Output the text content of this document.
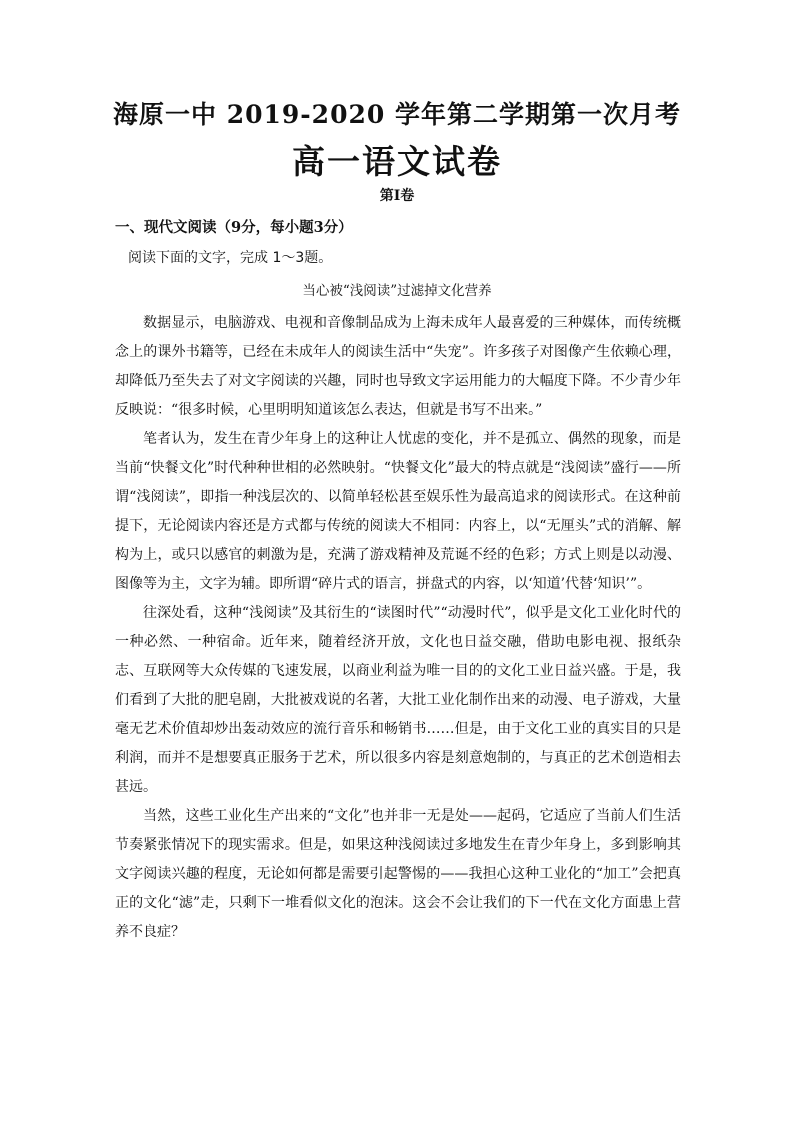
海原一中 2019-2020 学年第二学期第一次月考
高一语文试卷
第Ⅰ卷
一、现代文阅读（9分，每小题3分）
阅读下面的文字，完成 1～3题。
当心被“浅阅读”过滤掉文化营养

数据显示，电脑游戏、电视和音像制品成为上海未成年人最喜爱的三种媒体，而传统概念上的课外书籍等，已经在未成年人的阅读生活中“失宠”。许多孩子对图像产生依赖心理，却降低乃至失去了对文字阅读的兴趣，同时也导致文字运用能力的大幅度下降。不少青少年反映说：“很多时候，心里明明知道该怎么表达，但就是书写不出来。”

笔者认为，发生在青少年身上的这种让人忧虑的变化，并不是孤立、偶然的现象，而是当前“快餐文化”时代种种世相的必然映射。“快餐文化”最大的特点就是“浅阅读”盛行——所谓“浅阅读”，即指一种浅层次的、以简单轻松甚至娱乐性为最高追求的阅读形式。在这种前提下，无论阅读内容还是方式都与传统的阅读大不相同：内容上，以“无厘头”式的消解、解构为上，或只以感官的刺激为是，充满了游戏精神及荒诞不经的色彩；方式上则是以动漫、图像等为主，文字为辅。即所谓“碎片式的语言，拼盘式的内容，以‘知道’代替‘知识’”。

往深处看，这种“浅阅读”及其衍生的“读图时代”“动漫时代”，似乎是文化工业化时代的一种必然、一种宿命。近年来，随着经济开放，文化也日益交融，借助电影电视、报纸杂志、互联网等大众传媒的飞速发展，以商业利益为唯一目的的文化工业日益兴盛。于是，我们看到了大批的肥皂剧，大批被戏说的名著，大批工业化制作出来的动漫、电子游戏，大量毫无艺术价值却炒出轰动效应的流行音乐和畅销书……但是，由于文化工业的真实目的只是利润，而并不是想要真正服务于艺术，所以很多内容是刻意炮制的，与真正的艺术创造相去甚远。

当然，这些工业化生产出来的“文化”也并非一无是处——起码，它适应了当前人们生活节奏紧张情况下的现实需求。但是，如果这种浅阅读过多地发生在青少年身上，多到影响其文字阅读兴趣的程度，无论如何都是需要引起警惕的——我担心这种工业化的“加工”会把真正的文化“滤”走，只剩下一堆看似文化的泡沫。这会不会让我们的下一代在文化方面患上营养不良症？
